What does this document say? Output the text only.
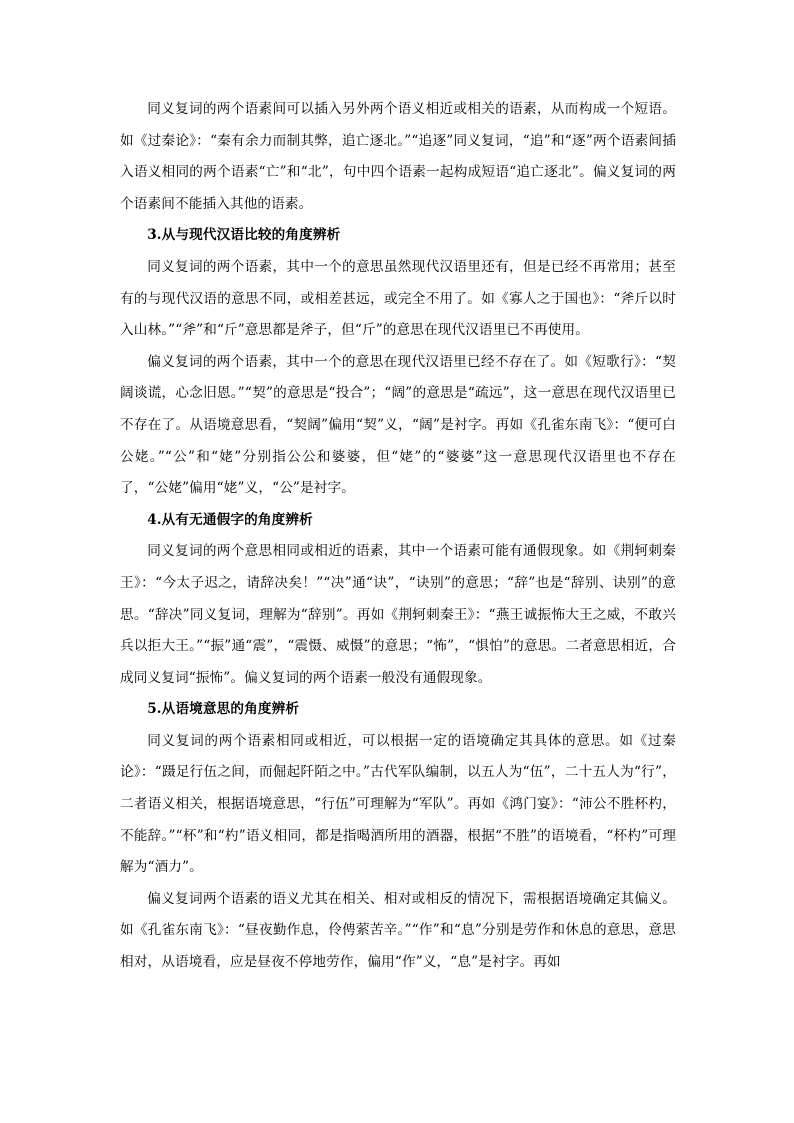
同义复词的两个语素间可以插入另外两个语义相近或相关的语素，从而构成一个短语。如《过秦论》：“秦有余力而制其弊，追亡逐北。”“追逐”同义复词，“追”和“逐”两个语素间插入语义相同的两个语素“亡”和“北”，句中四个语素一起构成短语“追亡逐北”。偏义复词的两个语素间不能插入其他的语素。

3.从与现代汉语比较的角度辨析

同义复词的两个语素，其中一个的意思虽然现代汉语里还有，但是已经不再常用；甚至有的与现代汉语的意思不同，或相差甚远，或完全不用了。如《寡人之于国也》：“斧斤以时入山林。”“斧”和“斤”意思都是斧子，但“斤”的意思在现代汉语里已不再使用。

偏义复词的两个语素，其中一个的意思在现代汉语里已经不存在了。如《短歌行》：“契阔谈谎，心念旧恩。”“契”的意思是“投合”；“阔”的意思是“疏远”，这一意思在现代汉语里已不存在了。从语境意思看，“契阔”偏用“契”义，“阔”是衬字。再如《孔雀东南飞》：“便可白公姥。”“公”和“姥”分别指公公和婆婆，但“姥”的“婆婆”这一意思现代汉语里也不存在了，“公姥”偏用“姥”义，“公”是衬字。

4.从有无通假字的角度辨析

同义复词的两个意思相同或相近的语素，其中一个语素可能有通假现象。如《荆轲刺秦王》：“今太子迟之，请辞决矣！”“决”通“诀”，“诀别”的意思；“辞”也是“辞别、诀别”的意思。“辞决”同义复词，理解为“辞别”。再如《荆轲刺秦王》：“燕王诚振怖大王之威，不敢兴兵以拒大王。”“振”通“震”，“震慑、威慑”的意思；“怖”，“惧怕”的意思。二者意思相近，合成同义复词“振怖”。偏义复词的两个语素一般没有通假现象。

5.从语境意思的角度辨析

同义复词的两个语素相同或相近，可以根据一定的语境确定其具体的意思。如《过秦论》：“蹑足行伍之间，而倔起阡陌之中。”古代军队编制，以五人为“伍”，二十五人为“行”，二者语义相关，根据语境意思，“行伍”可理解为“军队”。再如《鸿门宴》：“沛公不胜杯杓，不能辞。”“杯”和“杓”语义相同，都是指喝酒所用的酒器，根据“不胜”的语境看，“杯杓”可理解为“酒力”。

偏义复词两个语素的语义尤其在相关、相对或相反的情况下，需根据语境确定其偏义。如《孔雀东南飞》：“昼夜勤作息，伶俜萦苦辛。”“作”和“息”分别是劳作和休息的意思，意思相对，从语境看，应是昼夜不停地劳作，偏用“作”义，“息”是衬字。再如
